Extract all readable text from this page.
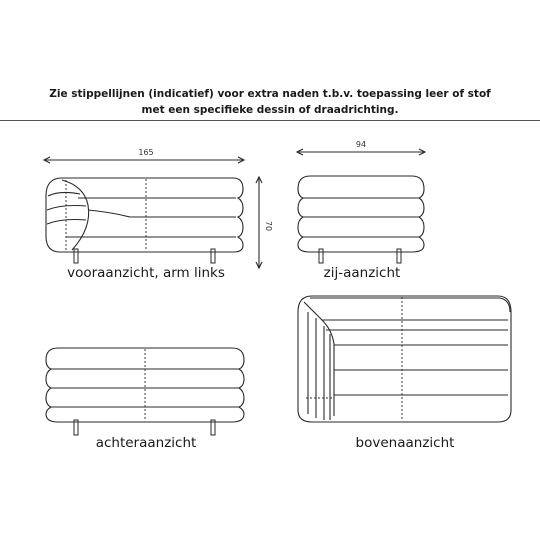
Zie stippellijnen (indicatief) voor extra naden t.b.v. toepassing leer of stof
met een specifieke dessin of draadrichting.
165
70
94
vooraanzicht, arm links	zij-aanzicht
achteraanzicht	bovenaanzicht
